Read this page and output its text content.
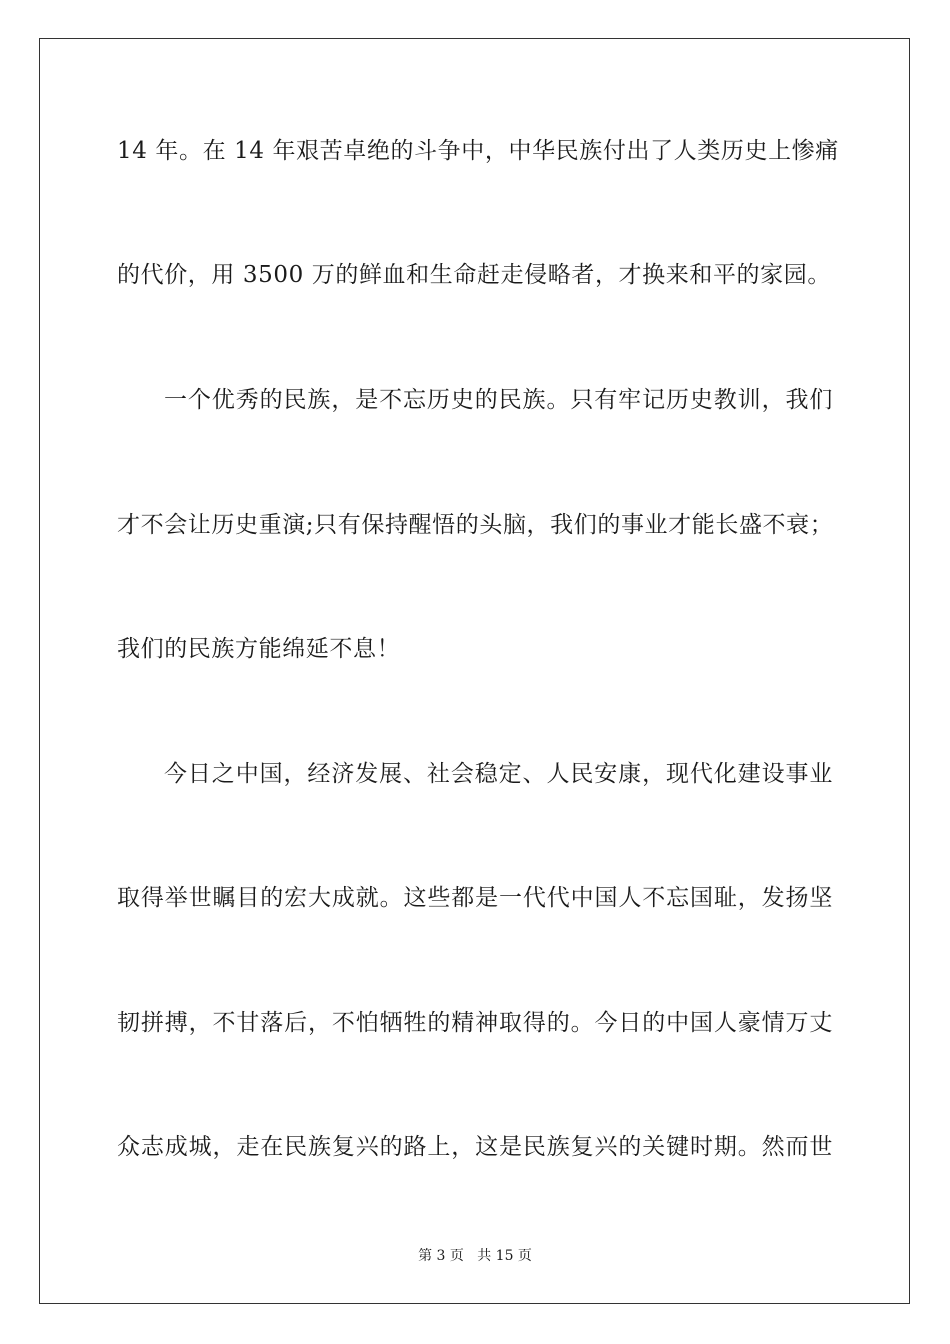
14 年。在 14 年艰苦卓绝的斗争中，中华民族付出了人类历史上惨痛
的代价，用 3500 万的鲜血和生命赶走侵略者，才换来和平的家园。
一个优秀的民族，是不忘历史的民族。只有牢记历史教训，我们
才不会让历史重演;只有保持醒悟的头脑，我们的事业才能长盛不衰；
我们的民族方能绵延不息！
今日之中国，经济发展、社会稳定、人民安康，现代化建设事业
取得举世瞩目的宏大成就。这些都是一代代中国人不忘国耻，发扬坚
韧拼搏，不甘落后，不怕牺牲的精神取得的。今日的中国人豪情万丈
众志成城，走在民族复兴的路上，这是民族复兴的关键时期。然而世
第 3 页   共 15 页
